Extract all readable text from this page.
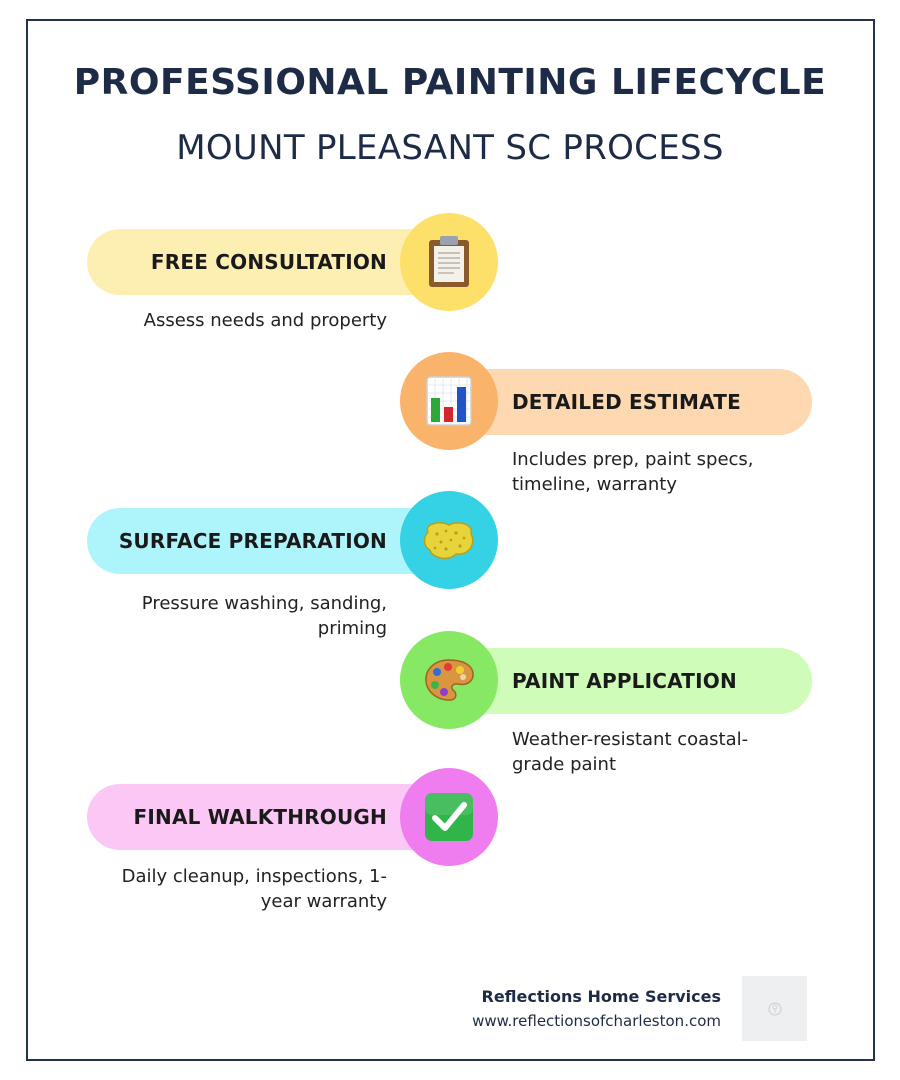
PROFESSIONAL PAINTING LIFECYCLE
MOUNT PLEASANT SC PROCESS
FREE CONSULTATION
Assess needs and property
DETAILED ESTIMATE
Includes prep, paint specs, timeline, warranty
SURFACE PREPARATION
Pressure washing, sanding, priming
PAINT APPLICATION
Weather-resistant coastal-grade paint
FINAL WALKTHROUGH
Daily cleanup, inspections, 1-year warranty
Reflections Home Services
www.reflectionsofcharleston.com
